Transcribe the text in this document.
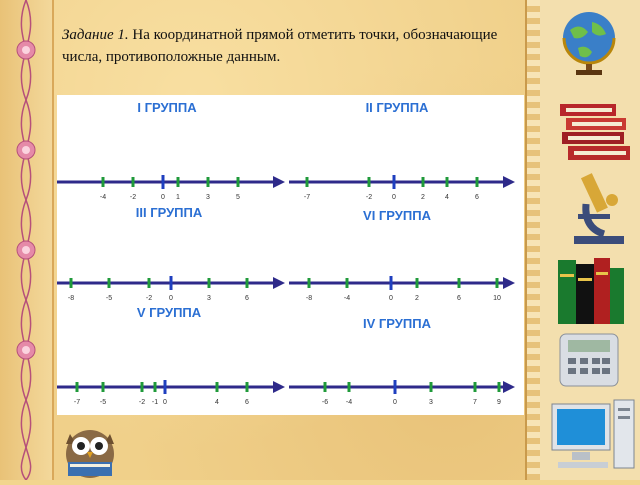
Задание 1. На координатной прямой отметить точки, обозначающие числа, противоположные данным.
I ГРУППА
-4	-2	0 1	3	5
II ГРУППА
-7	-2	0	2	4	6
III ГРУППА
-8	-5	-2 0	3	6
VI ГРУППА
-8	-4	0	2	6	10
V ГРУППА
-7	-5	-2 -1 0	4	6
IV ГРУППА
-6	-4	0	3	7	9
